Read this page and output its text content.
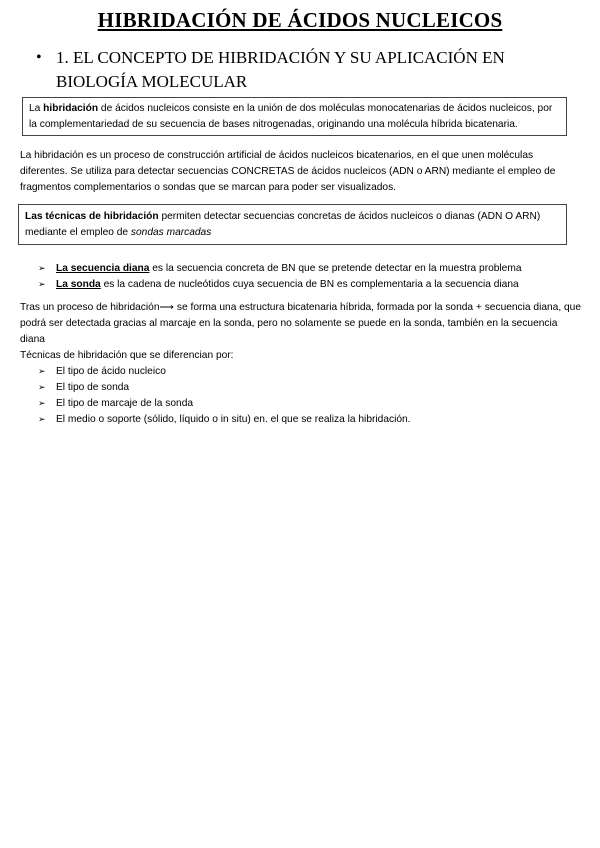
HIBRIDACIÓN DE ÁCIDOS NUCLEICOS
• 1. EL CONCEPTO DE HIBRIDACIÓN Y SU APLICACIÓN EN BIOLOGÍA MOLECULAR
La hibridación de ácidos nucleicos consiste en la unión de dos moléculas monocatenarias de ácidos nucleicos, por la complementariedad de su secuencia de bases nitrogenadas, originando una molécula híbrida bicatenaria.
La hibridación es un proceso de construcción artificial de ácidos nucleicos bicatenarios, en el que unen moléculas diferentes. Se utiliza para detectar secuencias CONCRETAS de ácidos nucleicos (ADN o ARN) mediante el empleo de fragmentos complementarios o sondas que se marcan para poder ser visualizados.
Las técnicas de hibridación permiten detectar secuencias concretas de ácidos nucleicos o dianas (ADN O ARN) mediante el empleo de sondas marcadas
➢ La secuencia diana es la secuencia concreta de BN que se pretende detectar en la muestra problema
➢ La sonda es la cadena de nucleótidos cuya secuencia de BN es complementaria a la secuencia diana
Tras un proceso de hibridación⟶ se forma una estructura bicatenaria híbrida, formada por la sonda + secuencia diana, que podrá ser detectada gracias al marcaje en la sonda, pero no solamente se puede en la sonda, también en la secuencia diana
Técnicas de hibridación que se diferencian por:
➢ El tipo de ácido nucleico
➢ El tipo de sonda
➢ El tipo de marcaje de la sonda
➢ El medio o soporte (sólido, líquido o in situ) en. el que se realiza la hibridación.
